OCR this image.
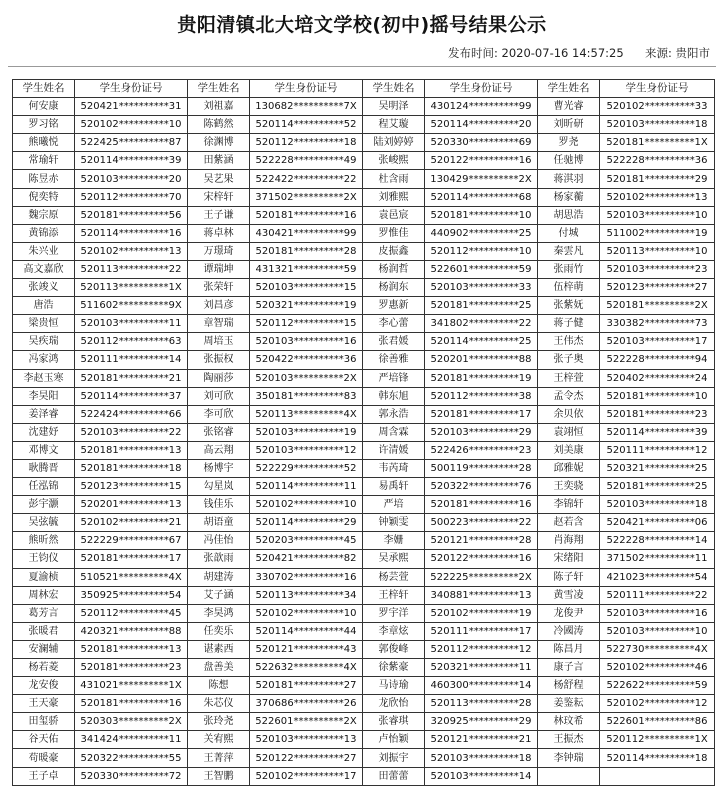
贵阳清镇北大培文学校(初中)摇号结果公示
发布时间: 2020-07-16 14:57:25 来源: 贵阳市
学生姓名	学生身份证号	学生姓名	学生身份证号	学生姓名	学生身份证号	学生姓名	学生身份证号
何安康	520421**********31	刘祖嘉	130682**********7X	吴明泽	430124**********99	曹光睿	520102**********33
罗习铭	520102**********10	陈鹤然	520114**********52	程艾璇	520114**********20	刘昕研	520103**********18
熊曦悦	522425**********87	徐渊博	520112**********18	陆刘婷婷	520330**********69	罗尧	520181**********1X
常瑜轩	520114**********39	田紫涵	522228**********49	张峻熙	520122**********16	任驰博	522228**********36
陈昱赤	520103**********20	吴艺果	522422**********22	杜含雨	130429**********2X	蒋淇羽	520181**********29
倪奕特	520112**********70	宋梓轩	371502**********2X	刘雅熙	520114**********68	杨家蘅	520102**********13
魏宗原	520181**********56	王子谦	520181**********16	袁邑宸	520181**********10	胡思浩	520103**********10
黄锦添	520114**********16	蒋卓林	430421**********99	罗惟佳	440902**********25	付城	511002**********19
朱兴业	520102**********13	万璟琦	520181**********28	皮振鑫	520112**********10	秦雲凡	520113**********10
高文嘉欣	520113**********22	谭瑞坤	431321**********59	杨润哲	522601**********59	张雨竹	520103**********23
张竣义	520113**********1X	张荣轩	520103**********15	杨润东	520103**********33	伍梓萌	520123**********27
唐浩	511602**********9X	刘昌彦	520321**********19	罗惠新	520181**********25	张紫妩	520181**********2X
梁贵恒	520103**********11	章智瑞	520112**********15	李心蕾	341802**********22	蒋子健	330382**********73
吴疾瑞	520112**********63	周培玉	520103**********16	张君媛	520114**********25	王伟杰	520103**********17
冯家鸿	520111**********14	张振权	520422**********36	徐善雅	520201**********88	张子奥	522228**********94
李赵玉寒	520181**********21	陶丽莎	520103**********2X	严培锋	520181**********19	王梓萱	520402**********24
李昊阳	520114**********37	刘可欣	350181**********83	韩东旭	520112**********38	孟令杰	520181**********10
姜泽睿	522424**********66	李可欣	520113**********4X	郭永浩	520181**********17	余贝依	520181**********23
沈建妤	520103**********22	张铭睿	520103**********19	周含霖	520103**********29	袁翊恒	520114**********39
邓博文	520181**********13	高云翔	520103**********12	许清媛	522426**********23	刘美康	520111**********12
耿腾晋	520181**********18	杨博宇	522229**********52	韦芮琦	500119**********28	邱雅妮	520321**********25
任泓锦	520123**********15	勾星岚	520114**********11	易禹轩	520322**********76	王奕骁	520181**********25
彭宇灏	520201**********13	钱佳乐	520102**********10	严培	520181**********16	李锦轩	520103**********18
吴弦毓	520102**********21	胡语童	520114**********29	钟颖雯	500223**********22	赵若含	520421**********06
熊昕然	522229**********67	冯佳怡	520203**********45	李姗	520121**********28	肖海翔	522228**********14
王钧仪	520181**********17	张歆雨	520421**********82	吴承熙	520122**********16	宋绪阳	371502**********11
夏渝桢	510521**********4X	胡建涛	330702**********16	杨芸萱	522225**********2X	陈子轩	421023**********54
周林宏	350925**********54	艾子涵	520113**********34	王梓轩	340881**********13	黄雪凌	520111**********22
葛芳言	520112**********45	李昊鸿	520102**********10	罗宇洋	520102**********19	龙俊尹	520103**********16
张暖君	420321**********88	任奕乐	520114**********44	李章炫	520111**********17	冷國涛	520103**********10
安澜辅	520181**********13	谌素西	520121**********43	郭俊峰	520112**********12	陈昌月	522730**********4X
杨若菱	520181**********23	盘善美	522632**********4X	徐紫豪	520321**********11	康子言	520102**********46
龙安俊	431021**********1X	陈想	520181**********27	马诗瑜	460300**********14	杨舒程	522622**********59
王天豪	520181**********16	朱芯仪	370686**********26	龙欣怡	520113**********28	姜鉴耘	520102**********12
田玺骄	520303**********2X	张玲尧	522601**********2X	张睿琪	320925**********29	林玟希	522601**********86
谷天佑	341424**********11	关宥熙	520103**********13	卢怡颖	520121**********21	王振杰	520112**********1X
苟暖豪	520322**********55	王菁萍	520122**********27	刘振宇	520103**********18	李钟瑞	520114**********18
王子卓	520330**********72	王智鹏	520102**********17	田蕾蕾	520103**********14		
